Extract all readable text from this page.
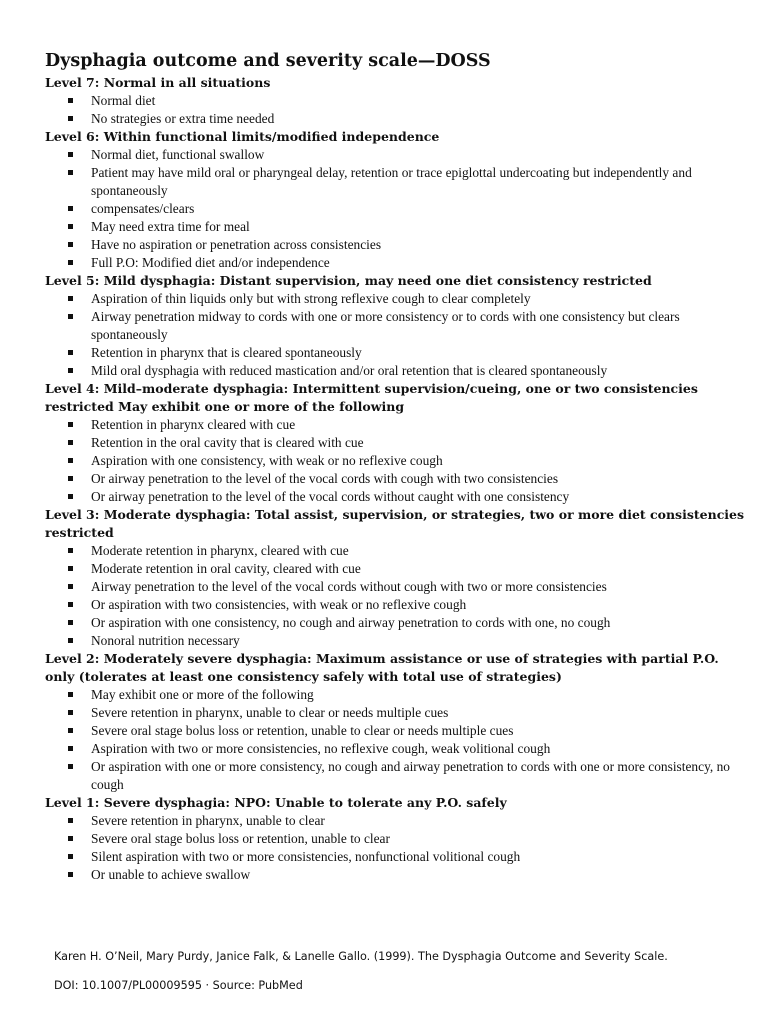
Dysphagia outcome and severity scale—DOSS

Level 7: Normal in all situations

Normal diet
No strategies or extra time needed

Level 6: Within functional limits/modified independence

Normal diet, functional swallow
Patient may have mild oral or pharyngeal delay, retention or trace epiglottal undercoating but independently and spontaneously
compensates/clears
May need extra time for meal
Have no aspiration or penetration across consistencies
Full P.O: Modified diet and/or independence

Level 5: Mild dysphagia: Distant supervision, may need one diet consistency restricted

Aspiration of thin liquids only but with strong reflexive cough to clear completely
Airway penetration midway to cords with one or more consistency or to cords with one consistency but clears spontaneously
Retention in pharynx that is cleared spontaneously
Mild oral dysphagia with reduced mastication and/or oral retention that is cleared spontaneously

Level 4: Mild–moderate dysphagia: Intermittent supervision/cueing, one or two consistencies restricted May exhibit one or more of the following

Retention in pharynx cleared with cue
Retention in the oral cavity that is cleared with cue
Aspiration with one consistency, with weak or no reflexive cough
Or airway penetration to the level of the vocal cords with cough with two consistencies
Or airway penetration to the level of the vocal cords without caught with one consistency

Level 3: Moderate dysphagia: Total assist, supervision, or strategies, two or more diet consistencies restricted

Moderate retention in pharynx, cleared with cue
Moderate retention in oral cavity, cleared with cue
Airway penetration to the level of the vocal cords without cough with two or more consistencies
Or aspiration with two consistencies, with weak or no reflexive cough
Or aspiration with one consistency, no cough and airway penetration to cords with one, no cough
Nonoral nutrition necessary

Level 2: Moderately severe dysphagia: Maximum assistance or use of strategies with partial P.O. only (tolerates at least one consistency safely with total use of strategies)

May exhibit one or more of the following
Severe retention in pharynx, unable to clear or needs multiple cues
Severe oral stage bolus loss or retention, unable to clear or needs multiple cues
Aspiration with two or more consistencies, no reflexive cough, weak volitional cough
Or aspiration with one or more consistency, no cough and airway penetration to cords with one or more consistency, no cough

Level 1: Severe dysphagia: NPO: Unable to tolerate any P.O. safely

Severe retention in pharynx, unable to clear
Severe oral stage bolus loss or retention, unable to clear
Silent aspiration with two or more consistencies, nonfunctional volitional cough
Or unable to achieve swallow
Karen H. O’Neil, Mary Purdy, Janice Falk, & Lanelle Gallo. (1999). The Dysphagia Outcome and Severity Scale.
DOI: 10.1007/PL00009595 · Source: PubMed
